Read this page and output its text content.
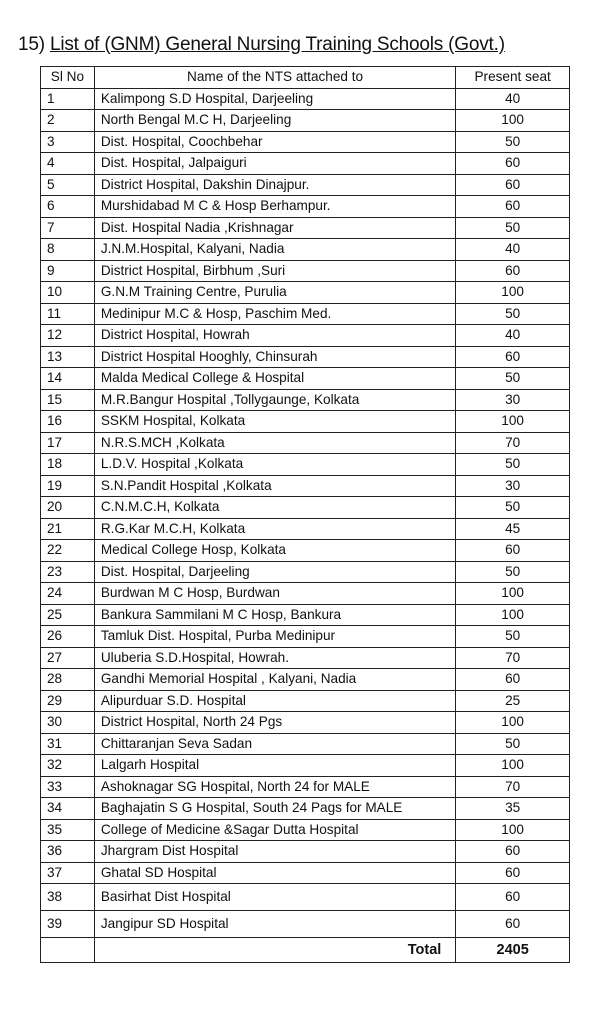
15) List of (GNM) General Nursing Training Schools (Govt.)
Sl No	Name of the NTS attached to	Present seat
1	Kalimpong S.D Hospital, Darjeeling	40
2	North Bengal M.C H, Darjeeling	100
3	Dist. Hospital, Coochbehar	50
4	Dist. Hospital, Jalpaiguri	60
5	District Hospital, Dakshin Dinajpur.	60
6	Murshidabad M C & Hosp Berhampur.	60
7	Dist. Hospital Nadia ,Krishnagar	50
8	J.N.M.Hospital, Kalyani, Nadia	40
9	District Hospital, Birbhum ,Suri	60
10	G.N.M Training Centre, Purulia	100
11	Medinipur M.C & Hosp, Paschim Med.	50
12	District Hospital, Howrah	40
13	District Hospital Hooghly, Chinsurah	60
14	Malda Medical College & Hospital	50
15	M.R.Bangur Hospital ,Tollygaunge, Kolkata	30
16	SSKM Hospital, Kolkata	100
17	N.R.S.MCH ,Kolkata	70
18	L.D.V. Hospital ,Kolkata	50
19	S.N.Pandit Hospital ,Kolkata	30
20	C.N.M.C.H, Kolkata	50
21	R.G.Kar M.C.H, Kolkata	45
22	Medical College Hosp, Kolkata	60
23	Dist. Hospital, Darjeeling	50
24	Burdwan M C Hosp, Burdwan	100
25	Bankura Sammilani M C Hosp, Bankura	100
26	Tamluk Dist. Hospital, Purba Medinipur	50
27	Uluberia S.D.Hospital, Howrah.	70
28	Gandhi Memorial Hospital , Kalyani, Nadia	60
29	Alipurduar S.D. Hospital	25
30	District Hospital, North 24 Pgs	100
31	Chittaranjan Seva Sadan	50
32	Lalgarh Hospital	100
33	Ashoknagar SG Hospital, North 24 for MALE	70
34	Baghajatin S G Hospital, South 24 Pags for MALE	35
35	College of Medicine &Sagar Dutta Hospital	100
36	Jhargram Dist Hospital	60
37	Ghatal SD Hospital	60
38	Basirhat Dist Hospital	60
39	Jangipur SD Hospital	60
	Total	2405
